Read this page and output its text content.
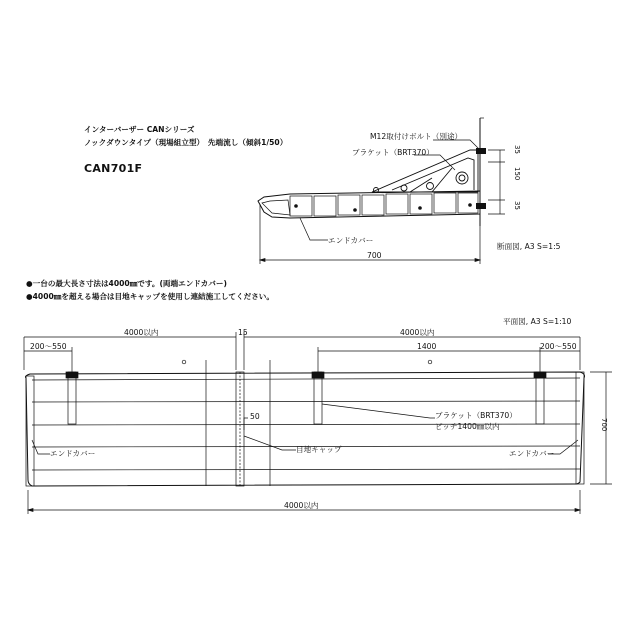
インターバーザー CANシリーズ
ノックダウンタイプ（現場組立型）　先端流し（傾斜1/50）
CAN701F
M12取付けボルト（別途）
ブラケット（BRT370）
エンドカバー
700
35
150
35
断面図, A3 S=1:5
●一台の最大長さ寸法は4000㎜です。(両端エンドカバー)
●4000㎜を超える場合は目地キャップを使用し連結施工してください。
平面図, A3 S=1:10
4000以内	15	4000以内
200～550	1400	200～550
700
50
エンドカバー	目地キャップ
ブラケット（BRT370）
ピッチ1400㎜以内
エンドカバー
4000以内
